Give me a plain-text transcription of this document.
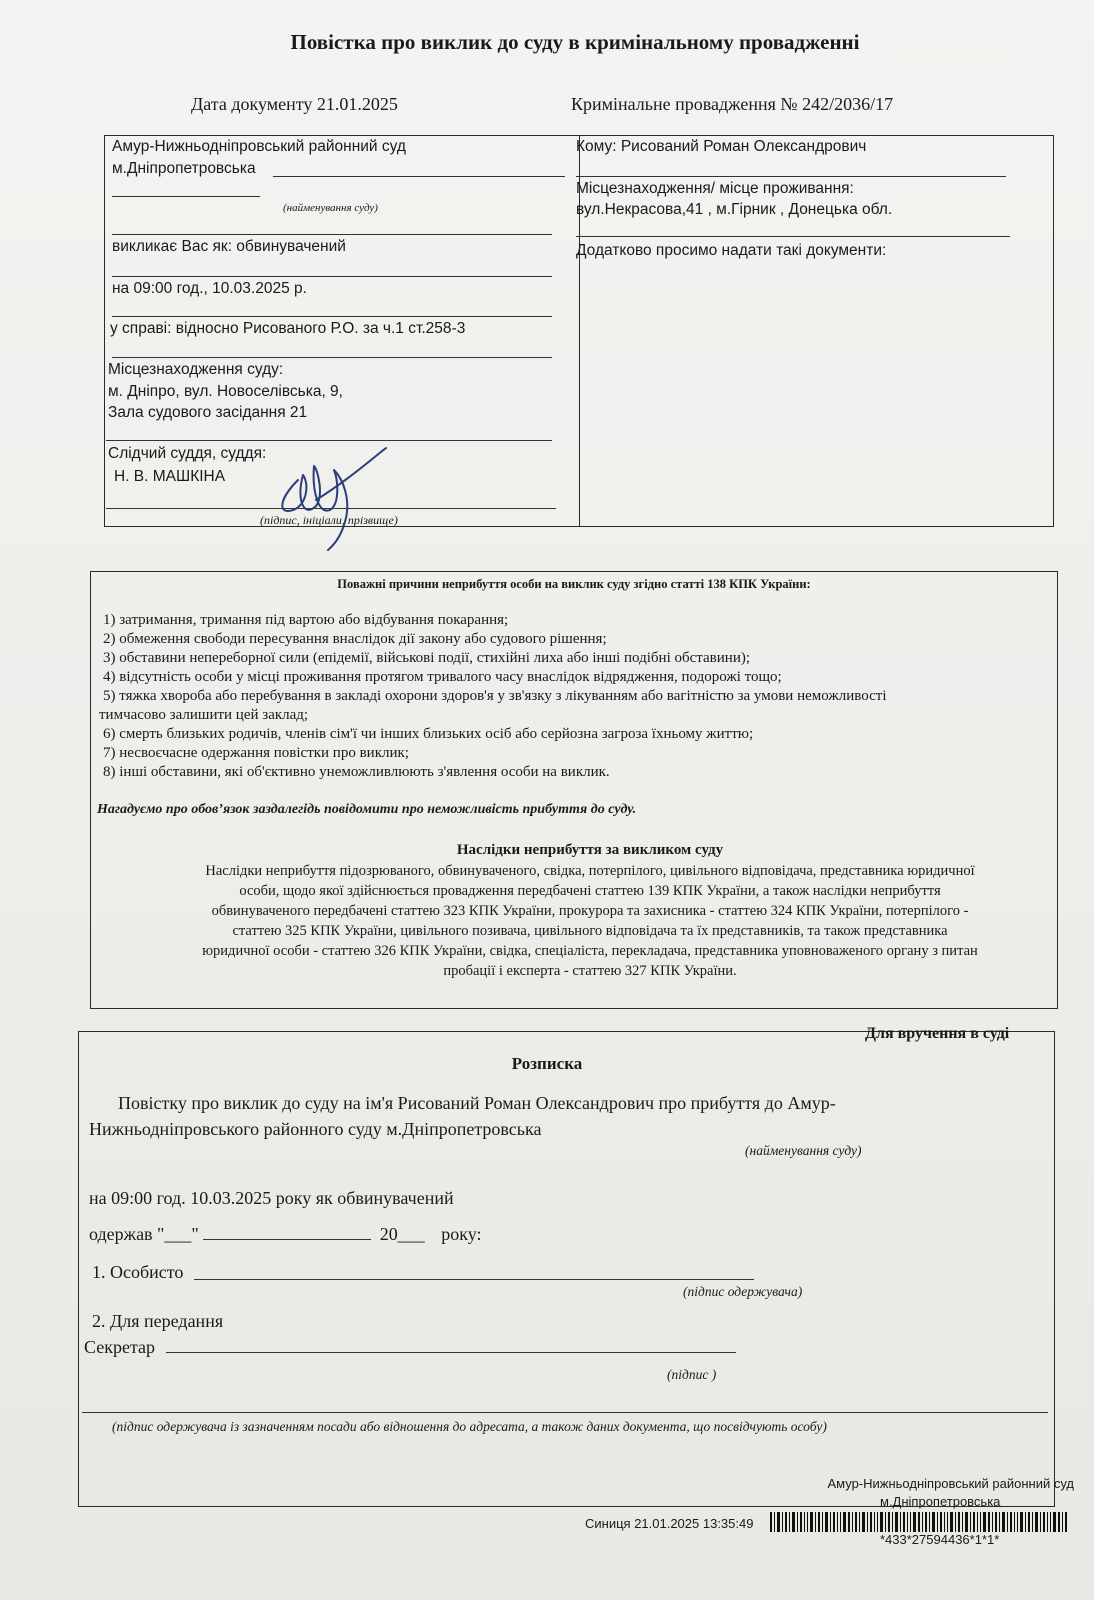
Повістка про виклик до суду в кримінальному провадженні
Дата документу 21.01.2025	Кримінальне провадження № 242/2036/17
Амур-Нижньодніпровський районний суд
м.Дніпропетровська
(найменування суду)
викликає Вас як: обвинувачений
на 09:00 год., 10.03.2025 р.
у справі: відносно Рисованого Р.О. за ч.1 ст.258-3
Місцезнаходження суду:
м. Дніпро, вул. Новоселівська, 9,
Зала судового засідання 21
Слідчий суддя, суддя:
Н. В. МАШКІНА
(підпис, ініціали, прізвище)
Кому: Рисований Роман Олександрович
Місцезнаходження/ місце проживання:
вул.Некрасова,41 , м.Гірник , Донецька обл.
Додатково просимо надати такі документи:
Поважні причини неприбуття особи на виклик суду згідно статті 138 КПК України:
1) затримання, тримання під вартою або відбування покарання;
2) обмеження свободи пересування внаслідок дії закону або судового рішення;
3) обставини непереборної сили (епідемії, військові події, стихійні лиха або інші подібні обставини);
4) відсутність особи у місці проживання протягом тривалого часу внаслідок відрядження, подорожі тощо;
5) тяжка хвороба або перебування в закладі охорони здоров'я у зв'язку з лікуванням або вагітністю за умови неможливості
тимчасово залишити цей заклад;
6) смерть близьких родичів, членів сім'ї чи інших близьких осіб або серйозна загроза їхньому життю;
7) несвоєчасне одержання повістки про виклик;
8) інші обставини, які об'єктивно унеможливлюють з'явлення особи на виклик.
Нагадуємо про обов’язок заздалегідь повідомити про неможливість прибуття до суду.
Наслідки неприбуття за викликом суду
Наслідки неприбуття підозрюваного, обвинуваченого, свідка, потерпілого, цивільного відповідача, представника юридичної
особи, щодо якої здійснюється провадження передбачені статтею 139 КПК України, а також наслідки неприбуття
обвинуваченого передбачені статтею 323 КПК України, прокурора та захисника - статтею 324 КПК України, потерпілого -
статтею 325 КПК України, цивільного позивача, цивільного відповідача та їх представників, та також представника
юридичної особи - статтею 326 КПК України, свідка, спеціаліста, перекладача, представника уповноваженого органу з питан
пробації і експерта - статтею 327 КПК України.
Для вручення в суді
Розписка
Повістку про виклик до суду на ім'я Рисований Роман Олександрович про прибуття до Амур-
Нижньодніпровського районного суду м.Дніпропетровська
(найменування суду)
на 09:00 год. 10.03.2025 року як обвинувачений
одержав "___"	20___ року:
1. Особисто
(підпис одержувача)
2. Для передання
Секретар
(підпис )
(підпис одержувача із зазначенням посади або відношення до адресата, а також даних документа, що посвідчують особу)
Амур-Нижньодніпровський районний суд
м.Дніпропетровська
Синиця 21.01.2025 13:35:49
*433*27594436*1*1*
